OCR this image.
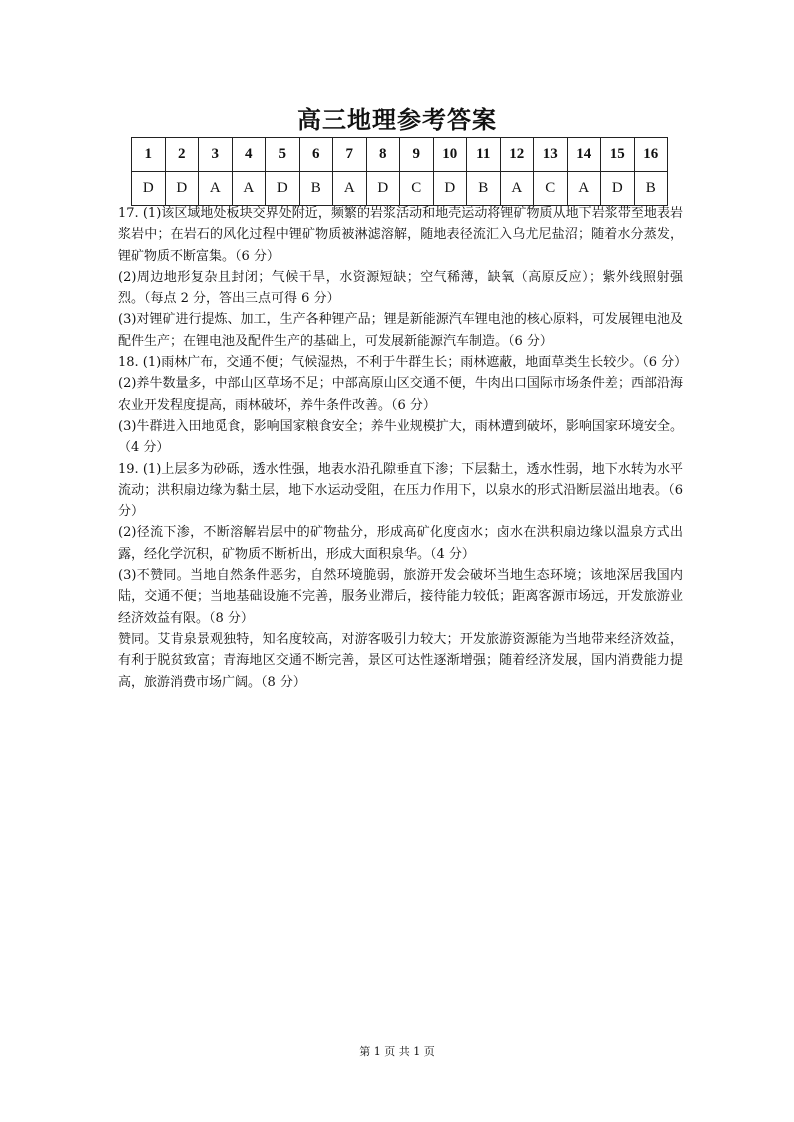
高三地理参考答案
1	2	3	4	5	6	7	8	9	10	11	12	13	14	15	16
D	D	A	A	D	B	A	D	C	D	B	A	C	A	D	B

17. (1)该区域地处板块交界处附近，频繁的岩浆活动和地壳运动将锂矿物质从地下岩浆带至地表岩浆岩中；在岩石的风化过程中锂矿物质被淋滤溶解，随地表径流汇入乌尤尼盐沼；随着水分蒸发，锂矿物质不断富集。（6 分）

(2)周边地形复杂且封闭；气候干旱，水资源短缺；空气稀薄，缺氧（高原反应）；紫外线照射强烈。（每点 2 分，答出三点可得 6 分）

(3)对锂矿进行提炼、加工，生产各种锂产品；锂是新能源汽车锂电池的核心原料，可发展锂电池及配件生产；在锂电池及配件生产的基础上，可发展新能源汽车制造。（6 分）

18. (1)雨林广布，交通不便；气候湿热，不利于牛群生长；雨林遮蔽，地面草类生长较少。（6 分）

(2)养牛数量多，中部山区草场不足；中部高原山区交通不便，牛肉出口国际市场条件差；西部沿海农业开发程度提高，雨林破坏，养牛条件改善。（6 分）

(3)牛群进入田地觅食，影响国家粮食安全；养牛业规模扩大，雨林遭到破坏，影响国家环境安全。（4 分）

19. (1)上层多为砂砾，透水性强，地表水沿孔隙垂直下渗；下层黏土，透水性弱，地下水转为水平流动；洪积扇边缘为黏土层，地下水运动受阻，在压力作用下，以泉水的形式沿断层溢出地表。（6 分）

(2)径流下渗，不断溶解岩层中的矿物盐分，形成高矿化度卤水；卤水在洪积扇边缘以温泉方式出露，经化学沉积，矿物质不断析出，形成大面积泉华。（4 分）

(3)不赞同。当地自然条件恶劣，自然环境脆弱，旅游开发会破坏当地生态环境；该地深居我国内陆，交通不便；当地基础设施不完善，服务业滞后，接待能力较低；距离客源市场远，开发旅游业经济效益有限。（8 分）

赞同。艾肯泉景观独特，知名度较高，对游客吸引力较大；开发旅游资源能为当地带来经济效益，有利于脱贫致富；青海地区交通不断完善，景区可达性逐渐增强；随着经济发展，国内消费能力提高，旅游消费市场广阔。（8 分）

第 1 页 共 1 页
